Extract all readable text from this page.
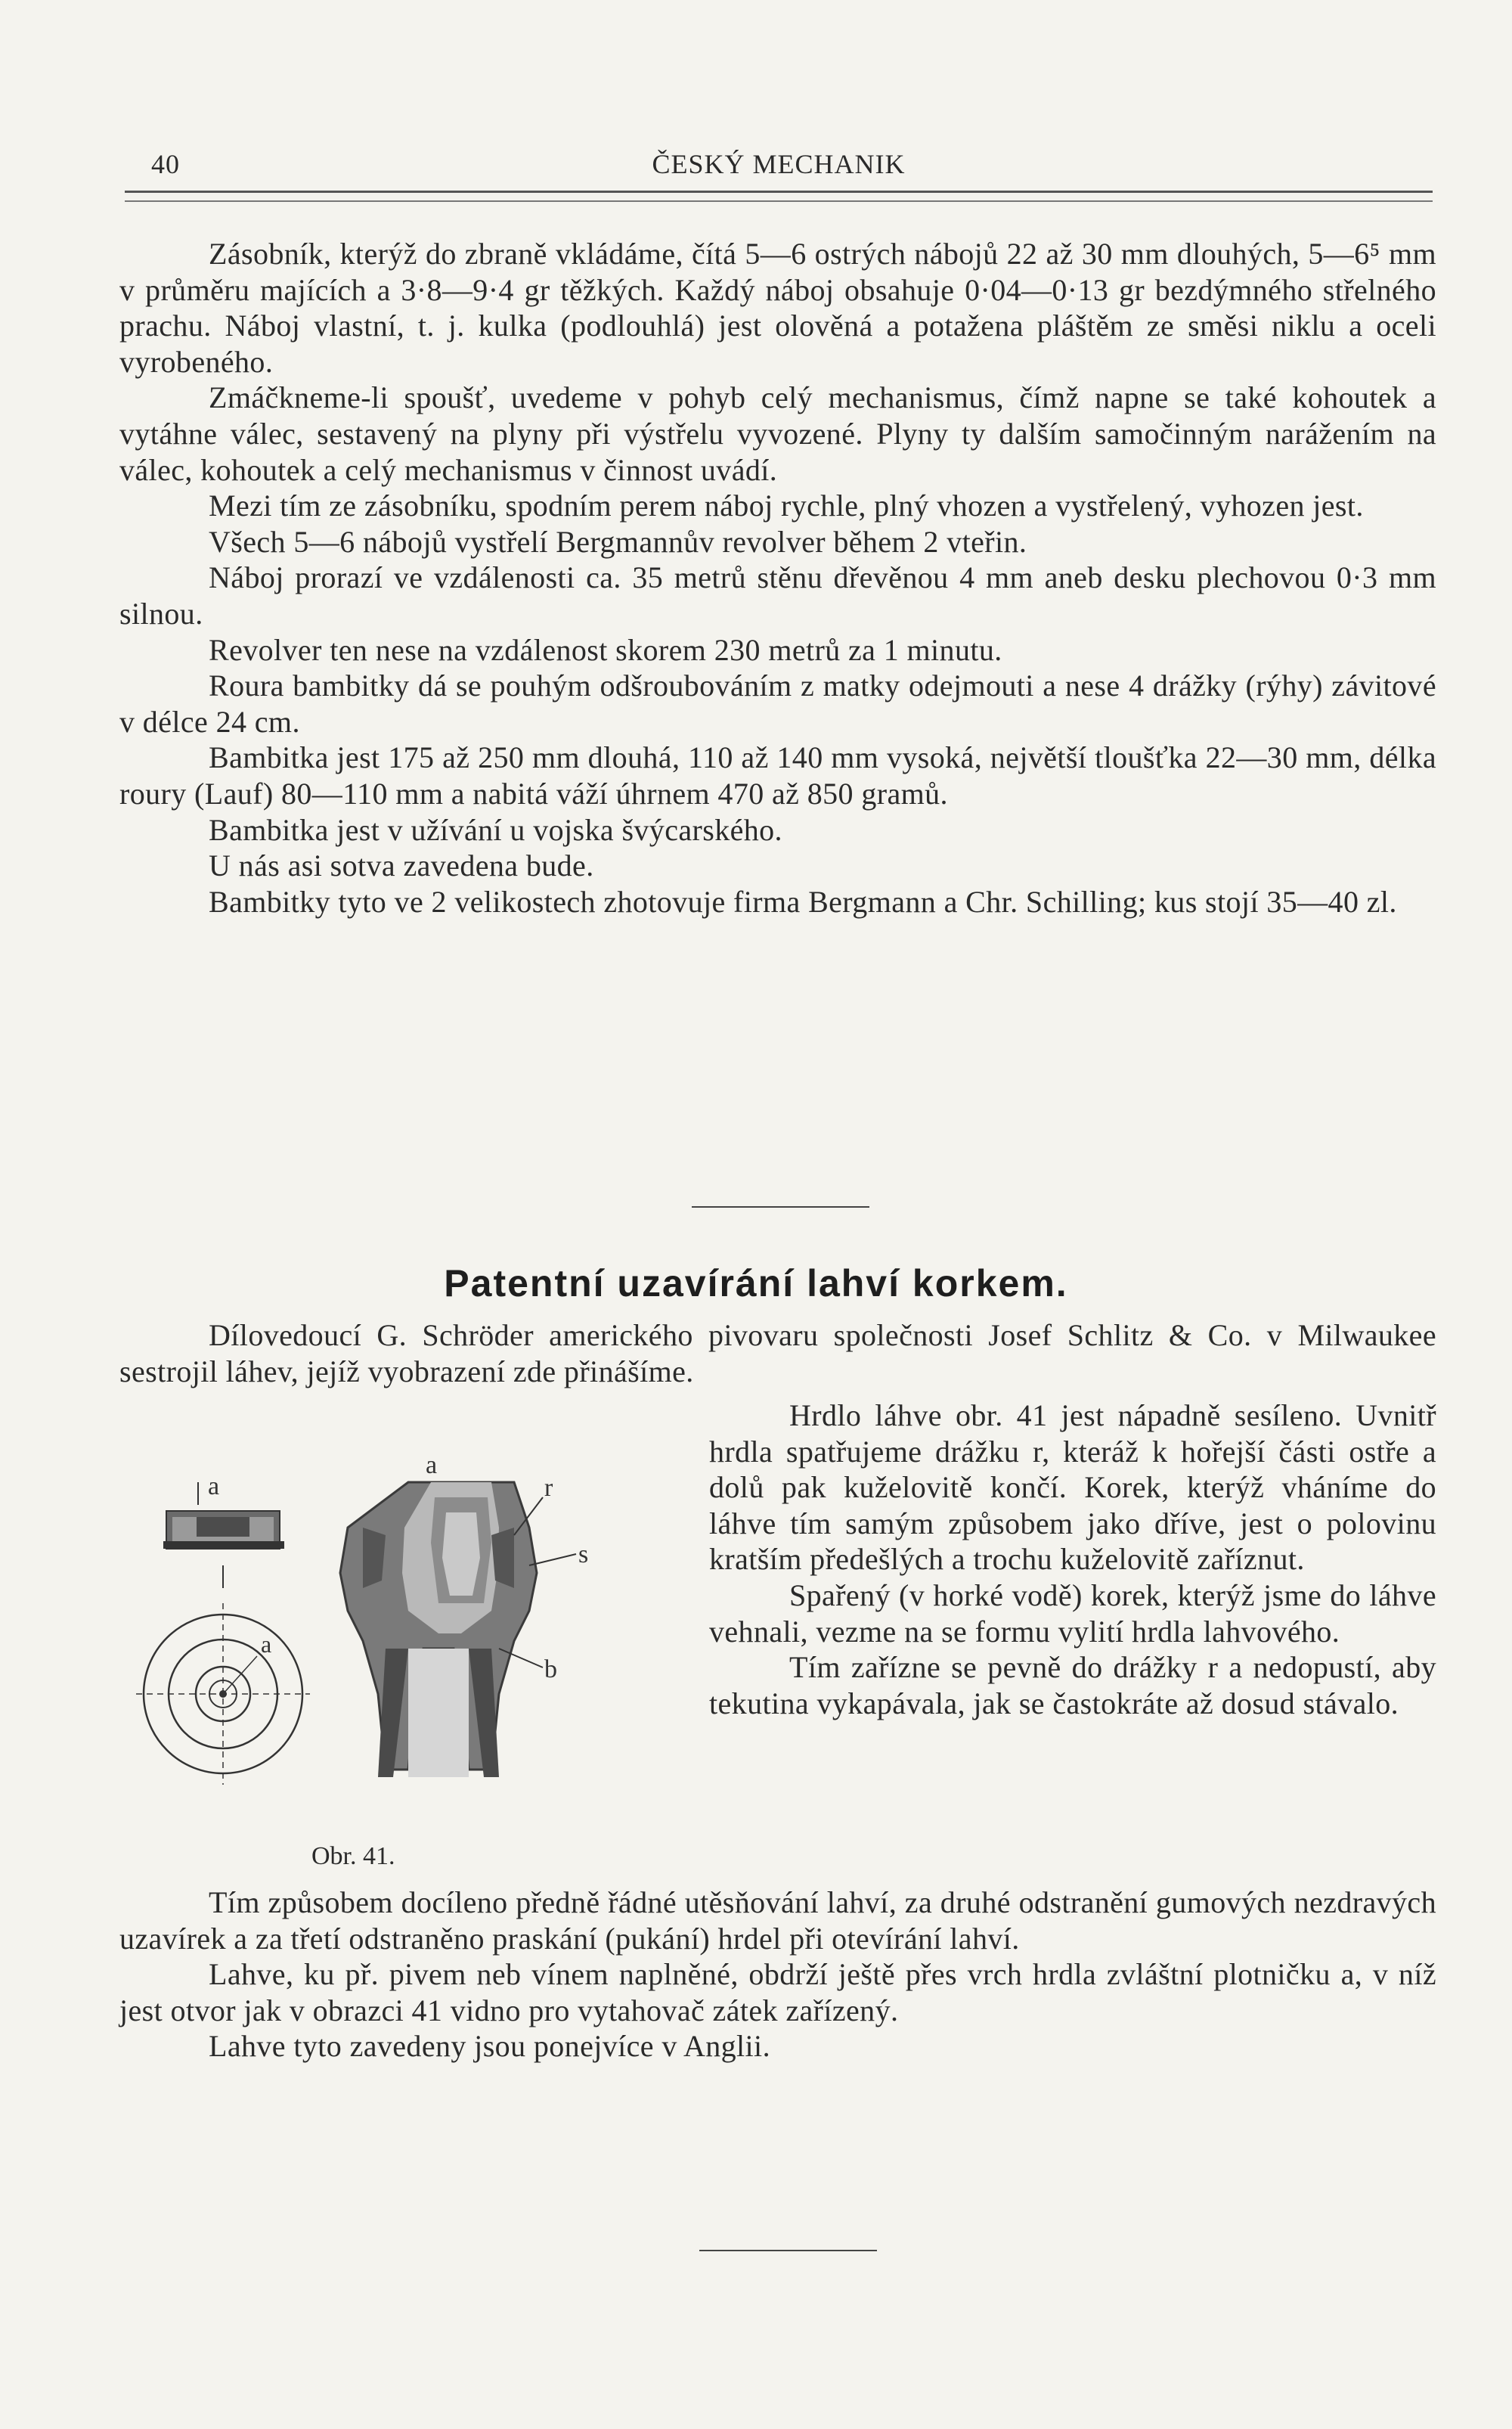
40	ČESKÝ MECHANIK

Zásobník, kterýž do zbraně vkládáme, čítá 5—6 ostrých nábojů 22 až 30 mm dlouhých, 5—6⁵ mm v průměru majících a 3·8—9·4 gr těžkých. Každý náboj obsahuje 0·04—0·13 gr bezdýmného střelného prachu. Náboj vlastní, t. j. kulka (podlouhlá) jest olověná a potažena pláštěm ze směsi niklu a oceli vyrobeného.

Zmáčkneme-li spoušť, uvedeme v pohyb celý mechanismus, čímž napne se také kohoutek a vytáhne válec, sestavený na plyny při výstřelu vyvozené. Plyny ty dalším samočinným narážením na válec, kohoutek a celý mechanismus v činnost uvádí.

Mezi tím ze zásobníku, spodním perem náboj rychle, plný vhozen a vystřelený, vyhozen jest.

Všech 5—6 nábojů vystřelí Bergmannův revolver během 2 vteřin.

Náboj prorazí ve vzdálenosti ca. 35 metrů stěnu dřevěnou 4 mm aneb desku plechovou 0·3 mm silnou.

Revolver ten nese na vzdálenost skorem 230 metrů za 1 minutu.

Roura bambitky dá se pouhým odšroubováním z matky odejmouti a nese 4 drážky (rýhy) závitové v délce 24 cm.

Bambitka jest 175 až 250 mm dlouhá, 110 až 140 mm vysoká, největší tloušťka 22—30 mm, délka roury (Lauf) 80—110 mm a nabitá váží úhrnem 470 až 850 gramů.

Bambitka jest v užívání u vojska švýcarského.

U nás asi sotva zavedena bude.

Bambitky tyto ve 2 velikostech zhotovuje firma Bergmann a Chr. Schilling; kus stojí 35—40 zl.

Patentní uzavírání lahví korkem.

Dílovedoucí G. Schröder amerického pivovaru společnosti Josef Schlitz & Co. v Milwaukee sestrojil láhev, jejíž vyobrazení zde přinášíme.

a
a
a
r
s
b
Obr. 41.

Hrdlo láhve obr. 41 jest nápadně sesíleno. Uvnitř hrdla spatřujeme drážku r, kteráž k hořejší části ostře a dolů pak kuželovitě končí. Korek, kterýž vháníme do láhve tím samým způsobem jako dříve, jest o polovinu kratším předešlých a trochu kuželovitě zaříznut.

Spařený (v horké vodě) korek, kterýž jsme do láhve vehnali, vezme na se formu vylití hrdla lahvového.

Tím zařízne se pevně do drážky r a nedopustí, aby tekutina vykapávala, jak se častokráte až dosud stávalo.

Tím způsobem docíleno předně řádné utěsňování lahví, za druhé odstranění gumových nezdravých uzavírek a za třetí odstraněno praskání (pukání) hrdel při otevírání lahví.

Lahve, ku př. pivem neb vínem naplněné, obdrží ještě přes vrch hrdla zvláštní plotničku a, v níž jest otvor jak v obrazci 41 vidno pro vytahovač zátek zařízený.

Lahve tyto zavedeny jsou ponejvíce v Anglii.
